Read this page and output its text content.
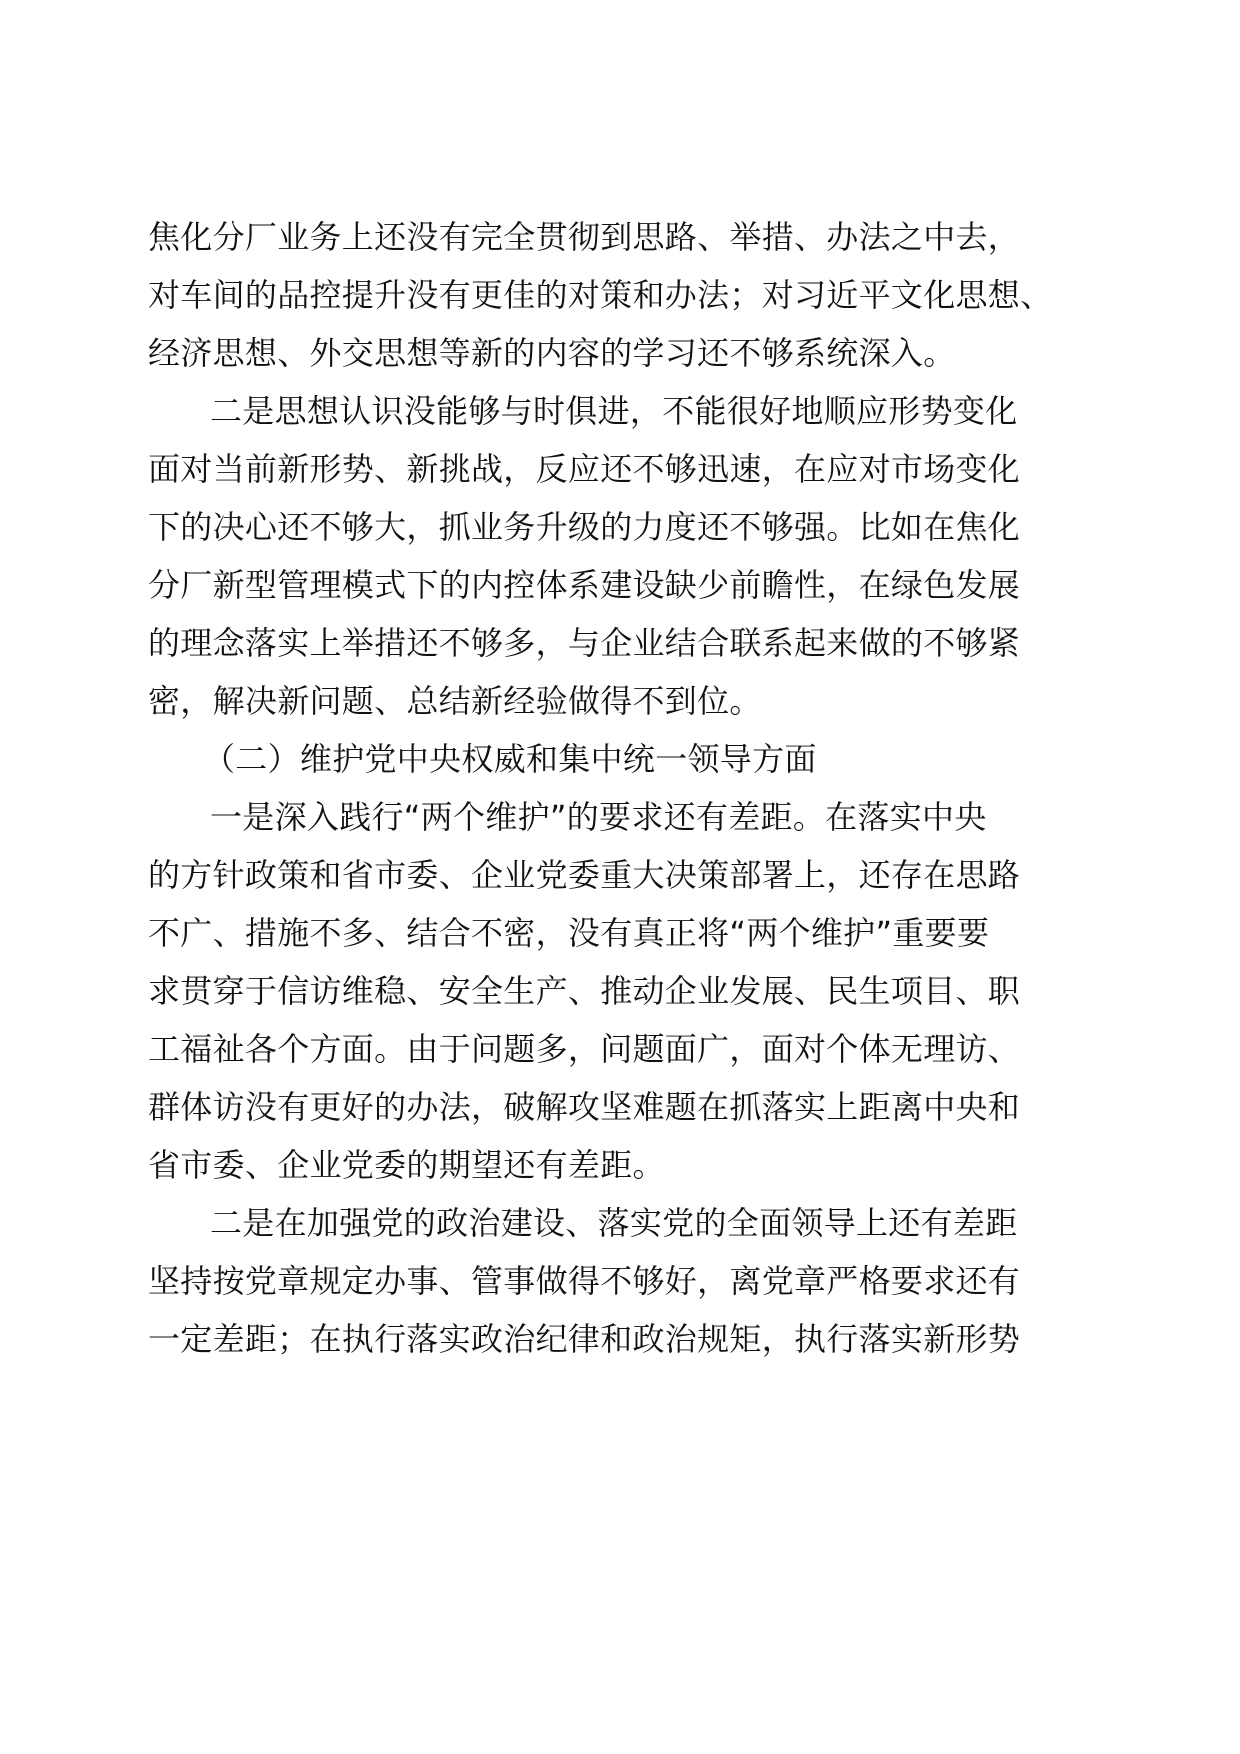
焦化分厂业务上还没有完全贯彻到思路、举措、办法之中去，
对车间的品控提升没有更佳的对策和办法；对习近平文化思想、
经济思想、外交思想等新的内容的学习还不够系统深入。
二是思想认识没能够与时俱进，不能很好地顺应形势变化
面对当前新形势、新挑战，反应还不够迅速，在应对市场变化
下的决心还不够大，抓业务升级的力度还不够强。比如在焦化
分厂新型管理模式下的内控体系建设缺少前瞻性，在绿色发展
的理念落实上举措还不够多，与企业结合联系起来做的不够紧
密，解决新问题、总结新经验做得不到位。
（二）维护党中央权威和集中统一领导方面
一是深入践行“两个维护”的要求还有差距。在落实中央
的方针政策和省市委、企业党委重大决策部署上，还存在思路
不广、措施不多、结合不密，没有真正将“两个维护”重要要
求贯穿于信访维稳、安全生产、推动企业发展、民生项目、职
工福祉各个方面。由于问题多，问题面广，面对个体无理访、
群体访没有更好的办法，破解攻坚难题在抓落实上距离中央和
省市委、企业党委的期望还有差距。
二是在加强党的政治建设、落实党的全面领导上还有差距
坚持按党章规定办事、管事做得不够好，离党章严格要求还有
一定差距；在执行落实政治纪律和政治规矩，执行落实新形势
